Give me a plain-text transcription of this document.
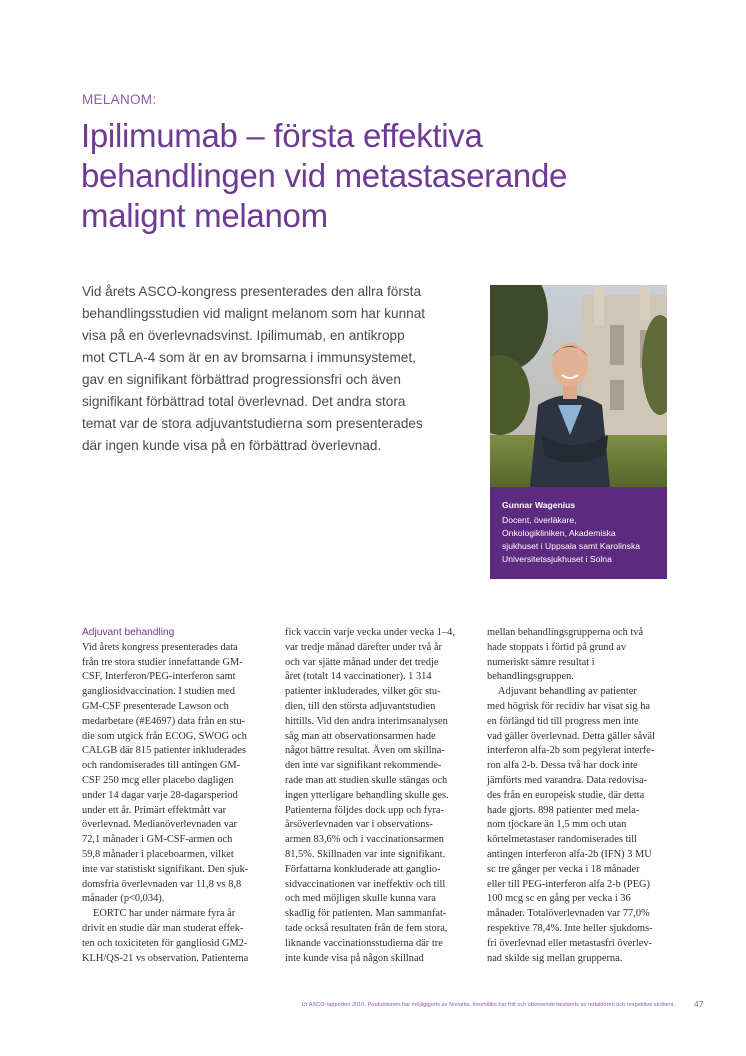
MELANOM:
Ipilimumab – första effektiva
behandlingen vid metastaserande
malignt melanom

Vid årets ASCO-kongress presenterades den allra första
behandlingsstudien vid malignt melanom som har kunnat
visa på en överlevnadsvinst. Ipilimumab, en antikropp
mot CTLA-4 som är en av bromsarna i immunsystemet,
gav en signifikant förbättrad progressionsfri och även
signifikant förbättrad total överlevnad. Det andra stora
temat var de stora adjuvantstudierna som presenterades
där ingen kunde visa på en förbättrad överlevnad.

Gunnar Wagenius
Docent, överläkare,
Onkologikliniken, Akademiska
sjukhuset i Uppsala samt Karolinska
Universitetssjukhuset i Solna
Adjuvant behandling
Vid årets kongress presenterades data
från tre stora studier innefattande GM-
CSF, Interferon/PEG-interferon samt
gangliosidvaccination. I studien med
GM-CSF presenterade Lawson och
medarbetare (#E4697) data från en stu-
die som utgick från ECOG, SWOG och
CALGB där 815 patienter inkluderades
och randomiserades till antingen GM-
CSF 250 mcg eller placebo dagligen
under 14 dagar varje 28-dagarsperiod
under ett år. Primärt effektmått var
överlevnad. Medianöverlevnaden var
72,1 månader i GM-CSF-armen och
59,8 månader i placeboarmen, vilket
inte var statistiskt signifikant. Den sjuk-
domsfria överlevnaden var 11,8 vs 8,8
månader (p<0,034).
EORTC har under närmare fyra år
drivit en studie där man studerat effek-
ten och toxiciteten för gangliosid GM2-
KLH/QS-21 vs observation. Patienterna
fick vaccin varje vecka under vecka 1–4,
var tredje månad därefter under två år
och var sjätte månad under det tredje
året (totalt 14 vaccinationer). 1 314
patienter inkluderades, vilket gör stu-
dien, till den största adjuvantstudien
hittills. Vid den andra interimsanalysen
såg man att observationsarmen hade
något bättre resultat. Även om skillna-
den inte var signifikant rekommende-
rade man att studien skulle stängas och
ingen ytterligare behandling skulle ges.
Patienterna följdes dock upp och fyra-
årsöverlevnaden var i observations-
armen 83,6% och i vaccinationsarmen
81,5%. Skillnaden var inte signifikant.
Författarna konkluderade att ganglio-
sidvaccinationen var ineffektiv och till
och med möjligen skulle kunna vara
skadlig för patienten. Man sammanfat-
tade också resultaten från de fem stora,
liknande vaccinationsstudierna där tre
inte kunde visa på någon skillnad
mellan behandlingsgrupperna och två
hade stoppats i förtid på grund av
numeriskt sämre resultat i
behandlingsgruppen.
Adjuvant behandling av patienter
med högrisk för recidiv har visat sig ha
en förlängd tid till progress men inte
vad gäller överlevnad. Detta gäller såväl
interferon alfa-2b som pegylerat interfe-
ron alfa 2-b. Dessa två har dock inte
jämförts med varandra. Data redovisa-
des från en europeisk studie, där detta
hade gjorts. 898 patienter med mela-
nom tjockare än 1,5 mm och utan
körtelmetastaser randomiserades till
antingen interferon alfa-2b (IFN) 3 MU
sc tre gånger per vecka i 18 månader
eller till PEG-interferon alfa 2-b (PEG)
100 mcg sc en gång per vecka i 36
månader. Totalöverlevnaden var 77,0%
respektive 78,4%. Inte heller sjukdoms-
fri överlevnad eller metastasfri överlev-
nad skilde sig mellan grupperna.
Ur ASCO-rapporten 2010. Produktionen har möjliggjorts av Novartis. Innehållet har fritt och oberoende bestämts av redaktören och respektive skribent. 47
